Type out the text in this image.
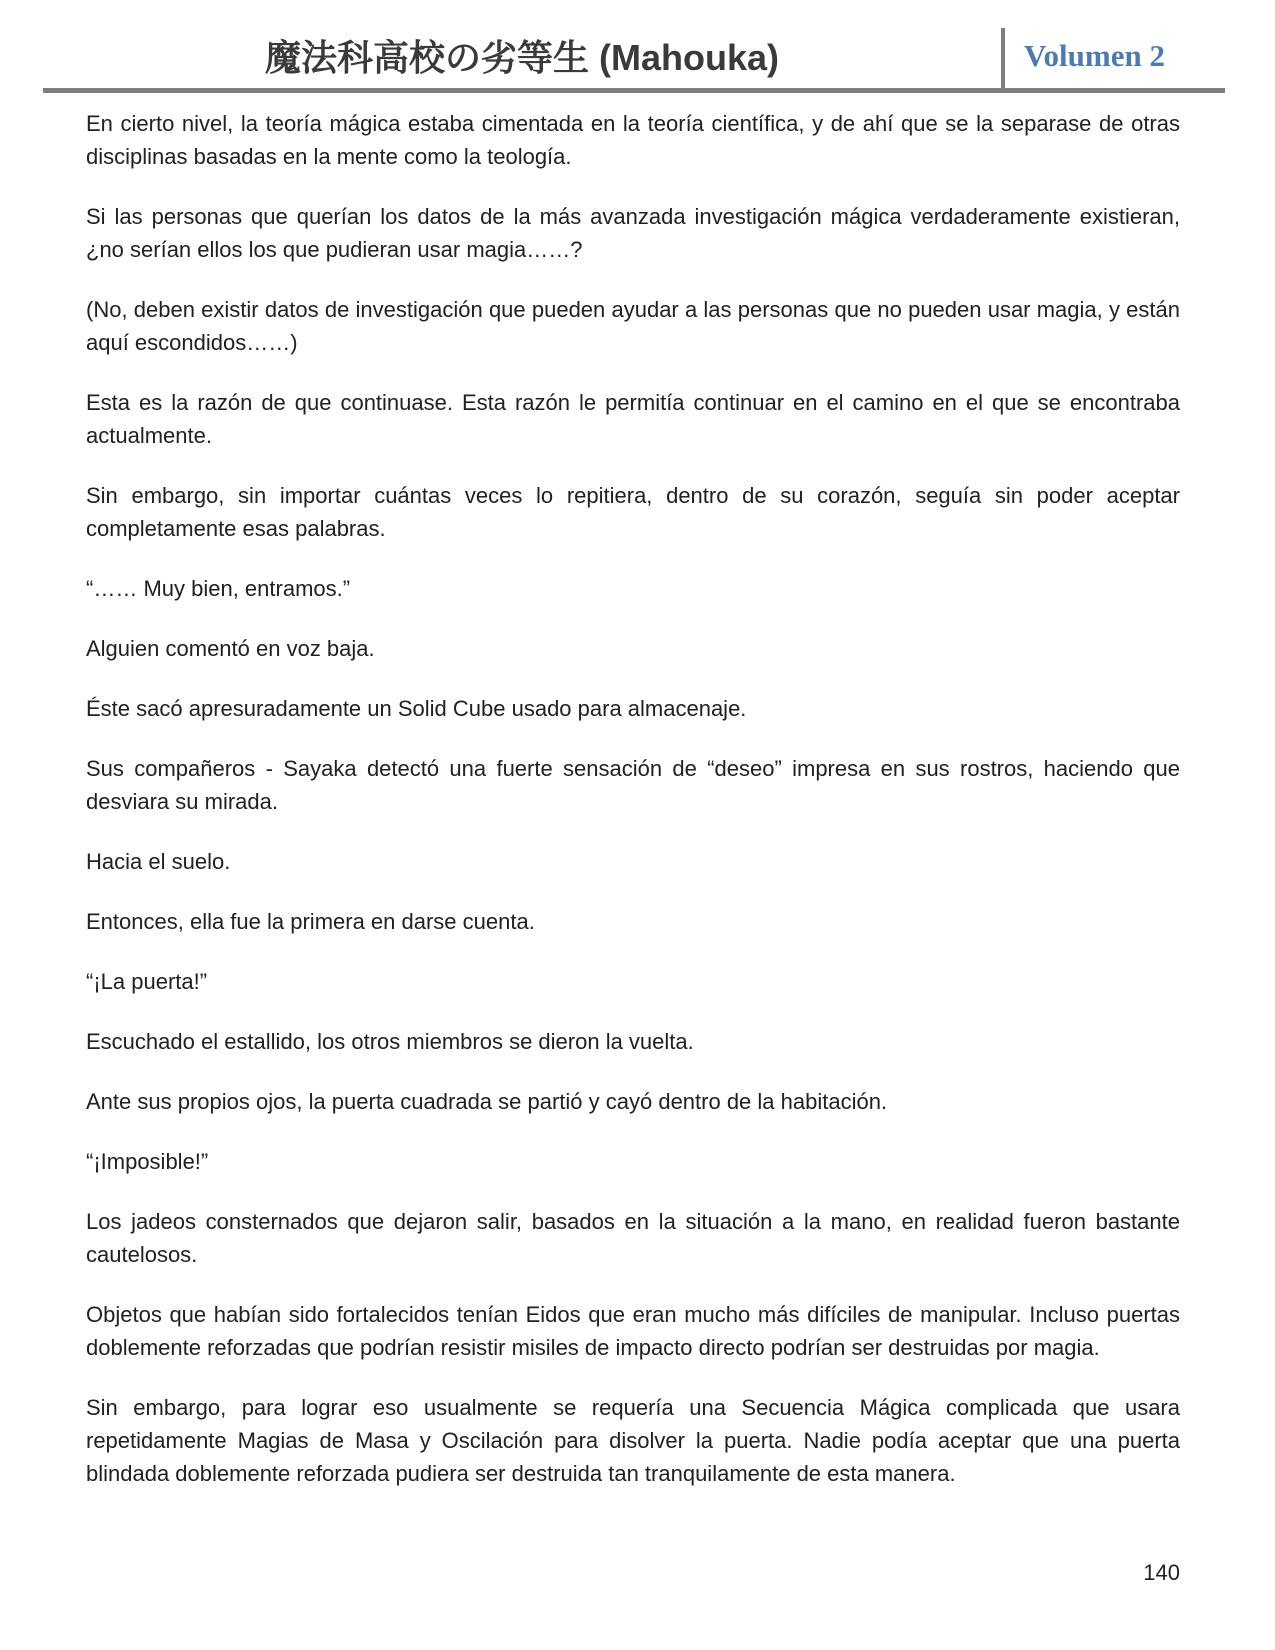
魔法科高校の劣等生 (Mahouka)	Volumen 2

En cierto nivel, la teoría mágica estaba cimentada en la teoría científica, y de ahí que se la separase de otras disciplinas basadas en la mente como la teología.

Si las personas que querían los datos de la más avanzada investigación mágica verdaderamente existieran, ¿no serían ellos los que pudieran usar magia……?

(No, deben existir datos de investigación que pueden ayudar a las personas que no pueden usar magia, y están aquí escondidos……)

Esta es la razón de que continuase. Esta razón le permitía continuar en el camino en el que se encontraba actualmente.

Sin embargo, sin importar cuántas veces lo repitiera, dentro de su corazón, seguía sin poder aceptar completamente esas palabras.

“…… Muy bien, entramos.”

Alguien comentó en voz baja.

Éste sacó apresuradamente un Solid Cube usado para almacenaje.

Sus compañeros - Sayaka detectó una fuerte sensación de “deseo” impresa en sus rostros, haciendo que desviara su mirada.

Hacia el suelo.

Entonces, ella fue la primera en darse cuenta.

“¡La puerta!”

Escuchado el estallido, los otros miembros se dieron la vuelta.

Ante sus propios ojos, la puerta cuadrada se partió y cayó dentro de la habitación.

“¡Imposible!”

Los jadeos consternados que dejaron salir, basados en la situación a la mano, en realidad fueron bastante cautelosos.

Objetos que habían sido fortalecidos tenían Eidos que eran mucho más difíciles de manipular. Incluso puertas doblemente reforzadas que podrían resistir misiles de impacto directo podrían ser destruidas por magia.

Sin embargo, para lograr eso usualmente se requería una Secuencia Mágica complicada que usara repetidamente Magias de Masa y Oscilación para disolver la puerta. Nadie podía aceptar que una puerta blindada doblemente reforzada pudiera ser destruida tan tranquilamente de esta manera.

140
